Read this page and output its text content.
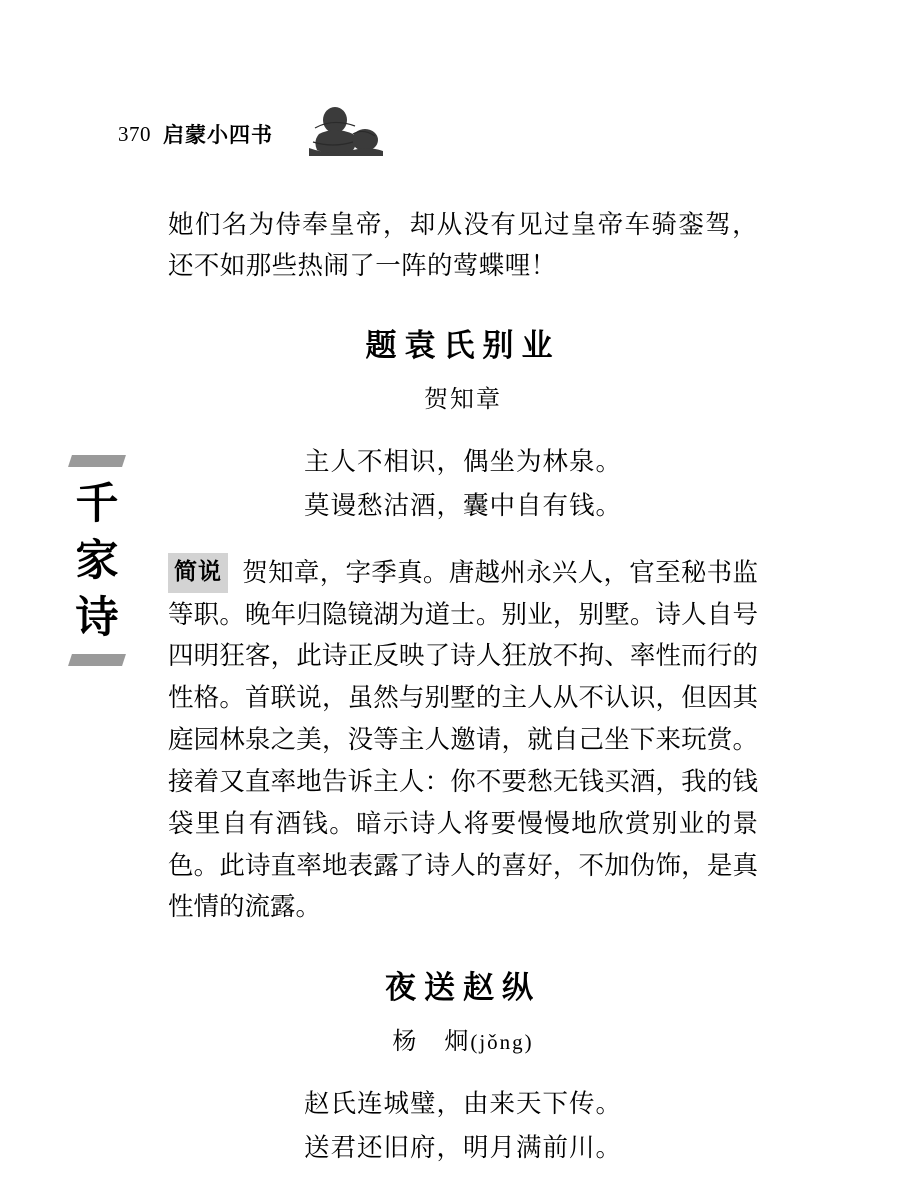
370 启蒙小四书
千
家
诗

她们名为侍奉皇帝，却从没有见过皇帝车骑銮驾，还不如那些热闹了一阵的莺蝶哩！

题袁氏别业
贺知章
主人不相识，偶坐为林泉。
莫谩愁沽酒，囊中自有钱。

简说 贺知章，字季真。唐越州永兴人，官至秘书监等职。晚年归隐镜湖为道士。别业，别墅。诗人自号四明狂客，此诗正反映了诗人狂放不拘、率性而行的性格。首联说，虽然与别墅的主人从不认识，但因其庭园林泉之美，没等主人邀请，就自己坐下来玩赏。接着又直率地告诉主人：你不要愁无钱买酒，我的钱袋里自有酒钱。暗示诗人将要慢慢地欣赏别业的景色。此诗直率地表露了诗人的喜好，不加伪饰，是真性情的流露。

夜送赵纵
杨　炯(jǒng)
赵氏连城璧，由来天下传。
送君还旧府，明月满前川。
